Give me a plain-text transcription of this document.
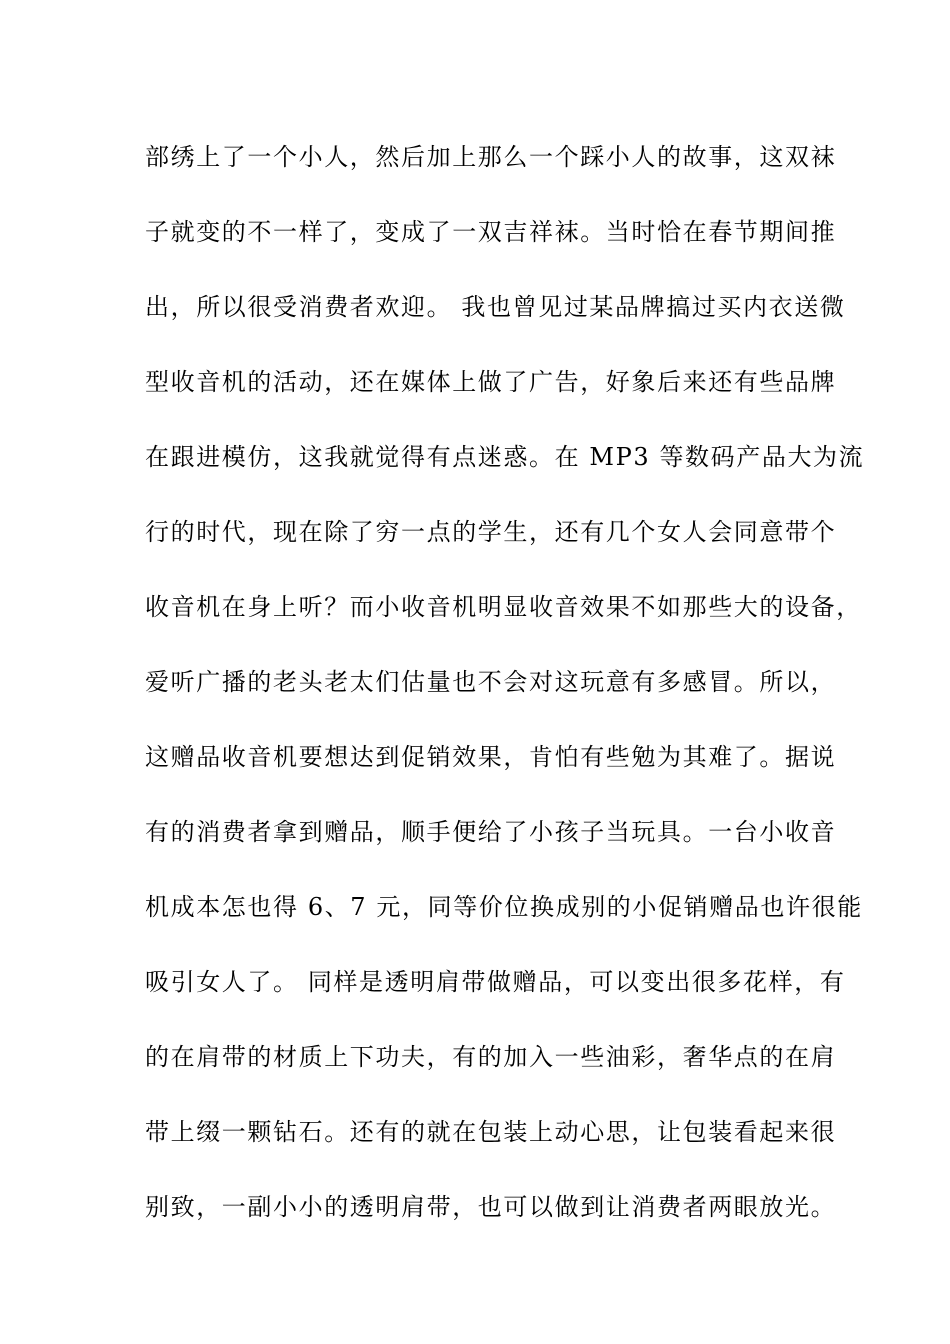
部绣上了一个小人，然后加上那么一个踩小人的故事，这双袜
子就变的不一样了，变成了一双吉祥袜。当时恰在春节期间推
出，所以很受消费者欢迎。 我也曾见过某品牌搞过买内衣送微
型收音机的活动，还在媒体上做了广告，好象后来还有些品牌
在跟进模仿，这我就觉得有点迷惑。在 MP3 等数码产品大为流
行的时代，现在除了穷一点的学生，还有几个女人会同意带个
收音机在身上听？而小收音机明显收音效果不如那些大的设备，
爱听广播的老头老太们估量也不会对这玩意有多感冒。所以，
这赠品收音机要想达到促销效果，肯怕有些勉为其难了。据说
有的消费者拿到赠品，顺手便给了小孩子当玩具。一台小收音
机成本怎也得 6、7 元，同等价位换成别的小促销赠品也许很能
吸引女人了。 同样是透明肩带做赠品，可以变出很多花样，有
的在肩带的材质上下功夫，有的加入一些油彩，奢华点的在肩
带上缀一颗钻石。还有的就在包装上动心思，让包装看起来很
别致，一副小小的透明肩带，也可以做到让消费者两眼放光。
